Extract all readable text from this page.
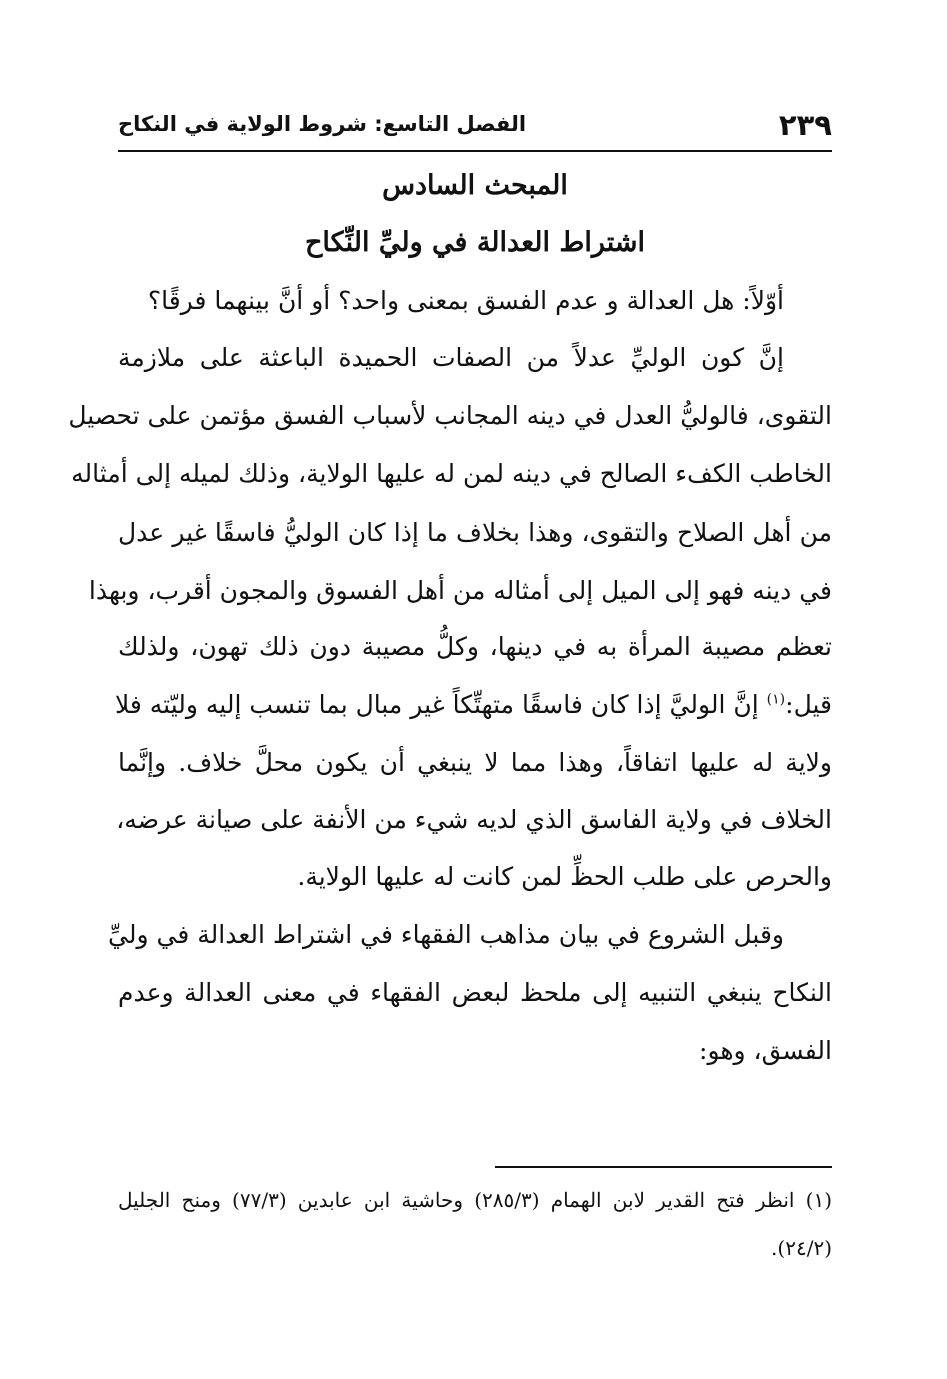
الفصل التاسع: شروط الولاية في النكاح	٢٣٩
المبحث السادس
اشتراط العدالة في وليِّ النِّكاح
أوّلاً: هل العدالة و عدم الفسق بمعنى واحد؟ أو أنَّ بينهما فرقًا؟
إنَّ كون الوليِّ عدلاً من الصفات الحميدة الباعثة على ملازمة
التقوى، فالوليُّ العدل في دينه المجانب لأسباب الفسق مؤتمن على تحصيل
الخاطب الكفء الصالح في دينه لمن له عليها الولاية، وذلك لميله إلى أمثاله
من أهل الصلاح والتقوى، وهذا بخلاف ما إذا كان الوليُّ فاسقًا غير عدل
في دينه فهو إلى الميل إلى أمثاله من أهل الفسوق والمجون أقرب، وبهذا
تعظم مصيبة المرأة به في دينها، وكلُّ مصيبة دون ذلك تهون، ولذلك
قيل:$^{(١)}$ إنَّ الوليَّ إذا كان فاسقًا متهتِّكاً غير مبال بما تنسب إليه وليّته فلا
ولاية له عليها اتفاقاً، وهذا مما لا ينبغي أن يكون محلَّ خلاف. وإنَّما
الخلاف في ولاية الفاسق الذي لديه شيء من الأنفة على صيانة عرضه،
والحرص على طلب الحظِّ لمن كانت له عليها الولاية.
وقبل الشروع في بيان مذاهب الفقهاء في اشتراط العدالة في وليِّ
النكاح ينبغي التنبيه إلى ملحظ لبعض الفقهاء في معنى العدالة وعدم
الفسق، وهو:
(١) انظر فتح القدير لابن الهمام (٢٨٥/٣) وحاشية ابن عابدين (٧٧/٣) ومنح الجليل
(٢٤/٢).
